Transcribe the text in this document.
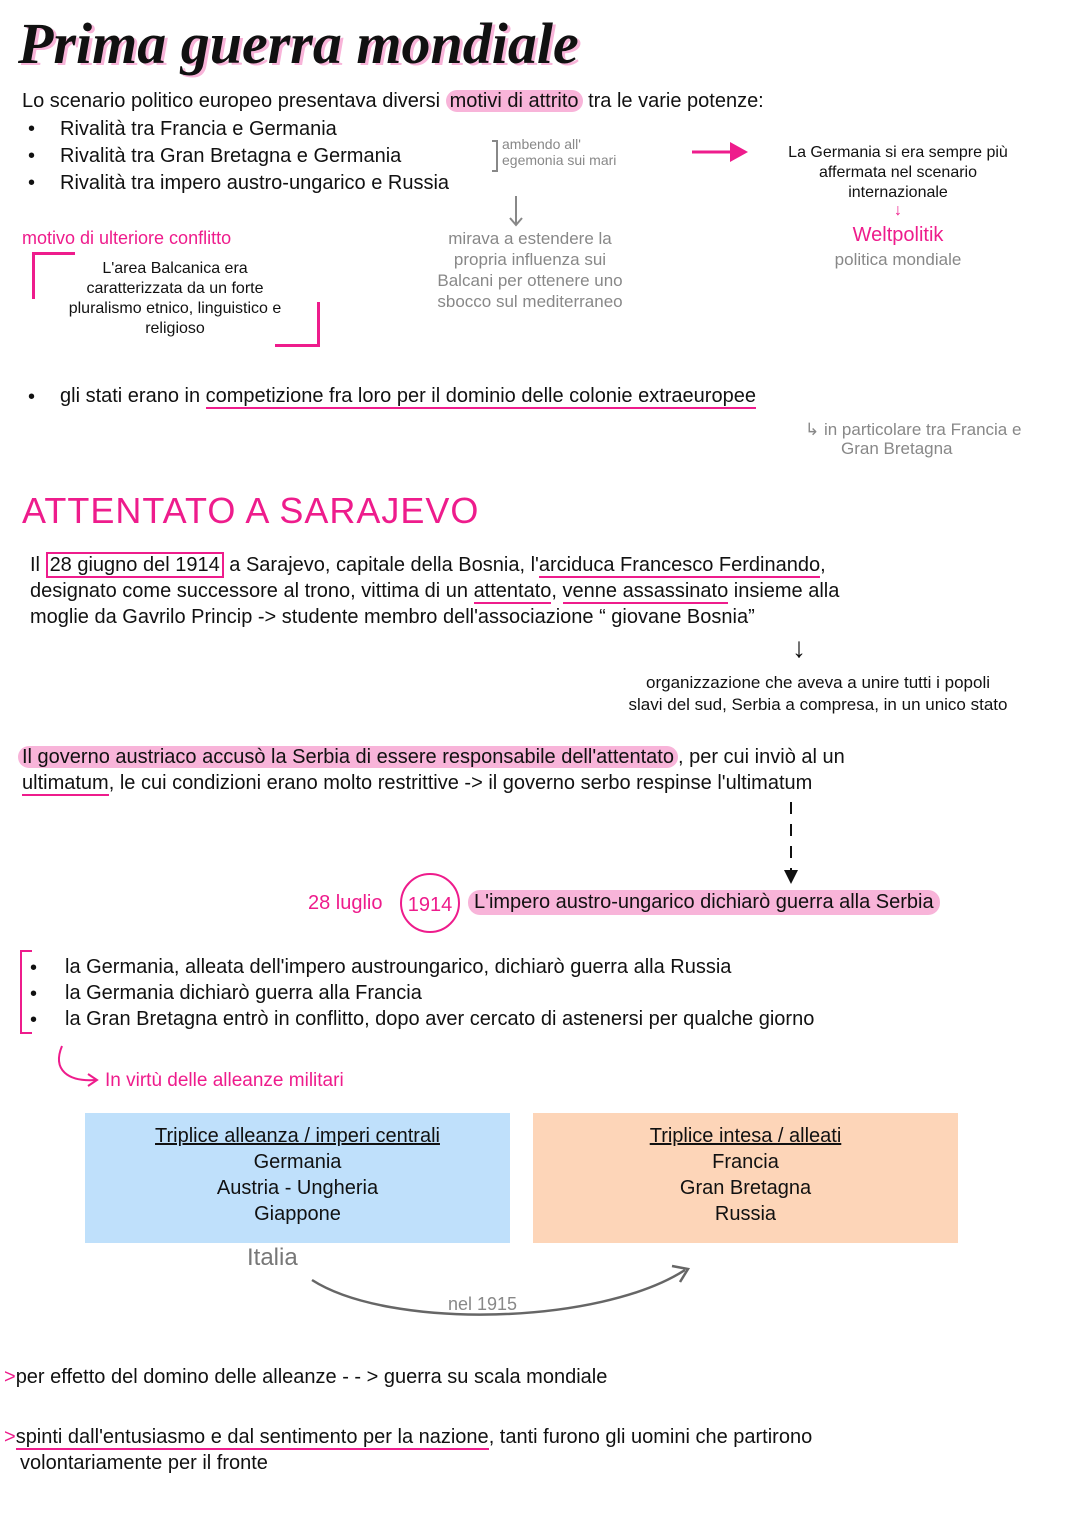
Prima guerra mondiale
Lo scenario politico europeo presentava diversi motivi di attrito tra le varie potenze:
• Rivalità tra Francia e Germania
• Rivalità tra Gran Bretagna e Germania
• Rivalità tra impero austro-ungarico e Russia
ambendo all'
egemonia sui mari	La Germania si era sempre più
affermata nel scenario
internazionale
↓
Weltpolitik
politica mondiale
mirava a estendere la
propria influenza sui
Balcani per ottenere uno
sbocco sul mediterraneo
motivo di ulteriore conflitto
L'area Balcanica era
caratterizzata da un forte
pluralismo etnico, linguistico e
religioso
• gli stati erano in competizione fra loro per il dominio delle colonie extraeuropee
↳ in particolare tra Francia e
Gran Bretagna
ATTENTATO A SARAJEVO
Il 28 giugno del 1914 a Sarajevo, capitale della Bosnia, l'arciduca Francesco Ferdinando,
designato come successore al trono, vittima di un attentato, venne assassinato insieme alla
moglie da Gavrilo Princip -> studente membro dell'associazione “ giovane Bosnia”
↓
organizzazione che aveva a unire tutti i popoli
slavi del sud, Serbia a compresa, in un unico stato
Il governo austriaco accusò la Serbia di essere responsabile dell'attentato , per cui inviò al un
ultimatum, le cui condizioni erano molto restrittive -> il governo serbo respinse l'ultimatum
28 luglio	1914	L'impero austro-ungarico dichiarò guerra alla Serbia
• la Germania, alleata dell'impero austroungarico, dichiarò guerra alla Russia
• la Germania dichiarò guerra alla Francia
• la Gran Bretagna entrò in conflitto, dopo aver cercato di astenersi per qualche giorno
In virtù delle alleanze militari
Triplice alleanza / imperi centrali
Germania
Austria - Ungheria
Giappone
Triplice intesa / alleati
Francia
Gran Bretagna
Russia
Italia
nel 1915
>per effetto del domino delle alleanze - - > guerra su scala mondiale
>spinti dall'entusiasmo e dal sentimento per la nazione, tanti furono gli uomini che partirono
volontariamente per il fronte
